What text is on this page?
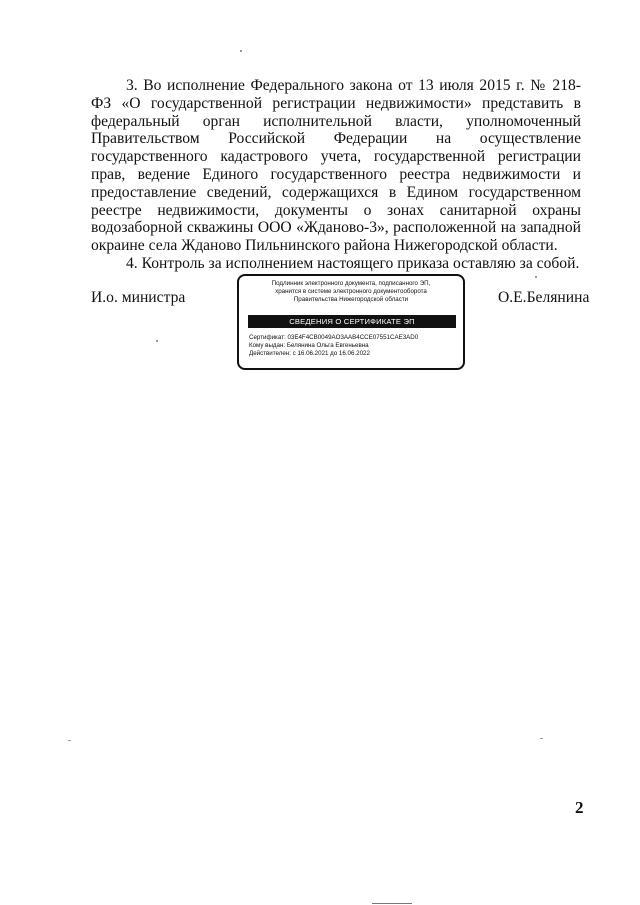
3. Во исполнение Федерального закона от 13 июля 2015 г. № 218-ФЗ «О государственной регистрации недвижимости» представить в федеральный орган исполнительной власти, уполномоченный Правительством Российской Федерации на осуществление государственного кадастрового учета, государственной регистрации прав, ведение Единого государственного реестра недвижимости и предоставление сведений, содержащихся в Едином государственном реестре недвижимости, документы о зонах санитарной охраны водозаборной скважины ООО «Ждановo-3», расположенной на западной окраине села Жданово Пильнинского района Нижегородской области.

4. Контроль за исполнением настоящего приказа оставляю за собой.

И.о. министра
Подлинник электронного документа, подписанного ЭП,
хранится в системе электронного документооборота
Правительства Нижегородской области
СВЕДЕНИЯ О СЕРТИФИКАТЕ ЭП
Сертификат: 03E4F4CB0049AO3AAB4CCE07551CAE3AD0
Кому выдан: Белянина Ольга Евгеньевна
Действителен: с 16.06.2021 до 16.06.2022
О.Е.Белянина
2
